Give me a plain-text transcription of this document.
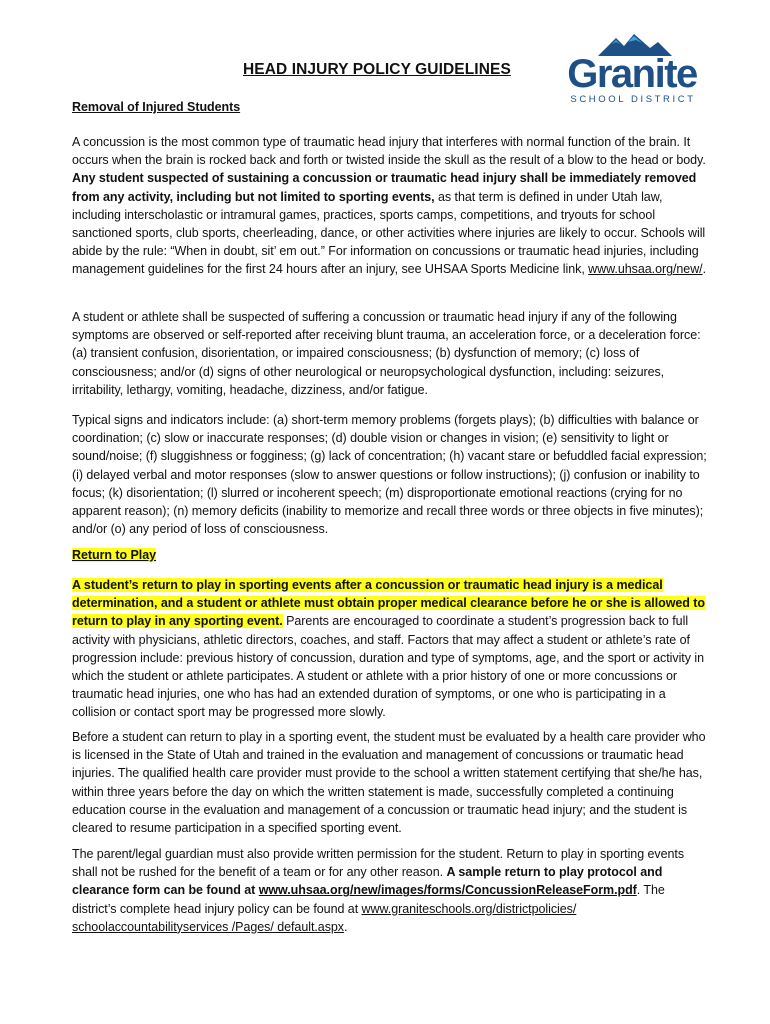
Granite
SCHOOL DISTRICT
HEAD INJURY POLICY GUIDELINES
Removal of Injured Students
A concussion is the most common type of traumatic head injury that interferes with normal function of the brain. It occurs when the brain is rocked back and forth or twisted inside the skull as the result of a blow to the head or body. Any student suspected of sustaining a concussion or traumatic head injury shall be immediately removed from any activity, including but not limited to sporting events, as that term is defined in under Utah law, including interscholastic or intramural games, practices, sports camps, competitions, and tryouts for school sanctioned sports, club sports, cheerleading, dance, or other activities where injuries are likely to occur. Schools will abide by the rule: “When in doubt, sit’ em out.” For information on concussions or traumatic head injuries, including management guidelines for the first 24 hours after an injury, see UHSAA Sports Medicine link, www.uhsaa.org/new/.
A student or athlete shall be suspected of suffering a concussion or traumatic head injury if any of the following symptoms are observed or self-reported after receiving blunt trauma, an acceleration force, or a deceleration force: (a) transient confusion, disorientation, or impaired consciousness; (b) dysfunction of memory; (c) loss of consciousness; and/or (d) signs of other neurological or neuropsychological dysfunction, including: seizures, irritability, lethargy, vomiting, headache, dizziness, and/or fatigue.
Typical signs and indicators include: (a) short-term memory problems (forgets plays); (b) difficulties with balance or coordination; (c) slow or inaccurate responses; (d) double vision or changes in vision; (e) sensitivity to light or sound/noise; (f) sluggishness or fogginess; (g) lack of concentration; (h) vacant stare or befuddled facial expression; (i) delayed verbal and motor responses (slow to answer questions or follow instructions); (j) confusion or inability to focus; (k) disorientation; (l) slurred or incoherent speech; (m) disproportionate emotional reactions (crying for no apparent reason); (n) memory deficits (inability to memorize and recall three words or three objects in five minutes); and/or (o) any period of loss of consciousness.
Return to Play
A student’s return to play in sporting events after a concussion or traumatic head injury is a medical determination, and a student or athlete must obtain proper medical clearance before he or she is allowed to return to play in any sporting event. Parents are encouraged to coordinate a student’s progression back to full activity with physicians, athletic directors, coaches, and staff. Factors that may affect a student or athlete’s rate of progression include: previous history of concussion, duration and type of symptoms, age, and the sport or activity in which the student or athlete participates. A student or athlete with a prior history of one or more concussions or traumatic head injuries, one who has had an extended duration of symptoms, or one who is participating in a collision or contact sport may be progressed more slowly.
Before a student can return to play in a sporting event, the student must be evaluated by a health care provider who is licensed in the State of Utah and trained in the evaluation and management of concussions or traumatic head injuries. The qualified health care provider must provide to the school a written statement certifying that she/he has, within three years before the day on which the written statement is made, successfully completed a continuing education course in the evaluation and management of a concussion or traumatic head injury; and the student is cleared to resume participation in a specified sporting event.
The parent/legal guardian must also provide written permission for the student. Return to play in sporting events shall not be rushed for the benefit of a team or for any other reason. A sample return to play protocol and clearance form can be found at www.uhsaa.org/new/images/forms/ConcussionReleaseForm.pdf. The district’s complete head injury policy can be found at www.graniteschools.org/districtpolicies/ schoolaccountabilityservices /Pages/ default.aspx.
